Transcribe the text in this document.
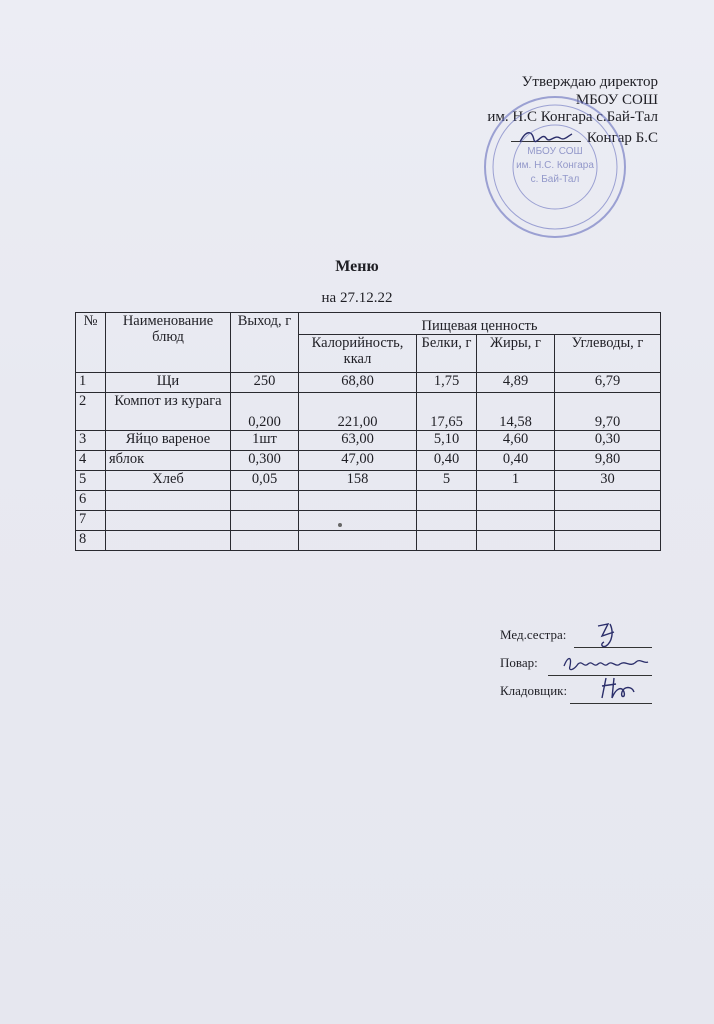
Утверждаю директор
МБОУ СОШ
им. Н.С Конгара с.Бай-Тал
Конгар Б.С
МБОУ СОШ
им. Н.С. Конгара
с. Бай-Тал
Меню
на 27.12.22
№	Наименование блюд	Выход, г	Пищевая ценность			
			Калорийность, ккал	Белки, г	Жиры, г	Углеводы, г
1	Щи	250	68,80	1,75	4,89	6,79
2	Компот из курага	0,200	221,00	17,65	14,58	9,70
3	Яйцо вареное	1шт	63,00	5,10	4,60	0,30
4	яблок	0,300	47,00	0,40	0,40	9,80
5	Хлеб	0,05	158	5	1	30
6						
7						
8						
Мед.сестра:
Повар:
Кладовщик:
